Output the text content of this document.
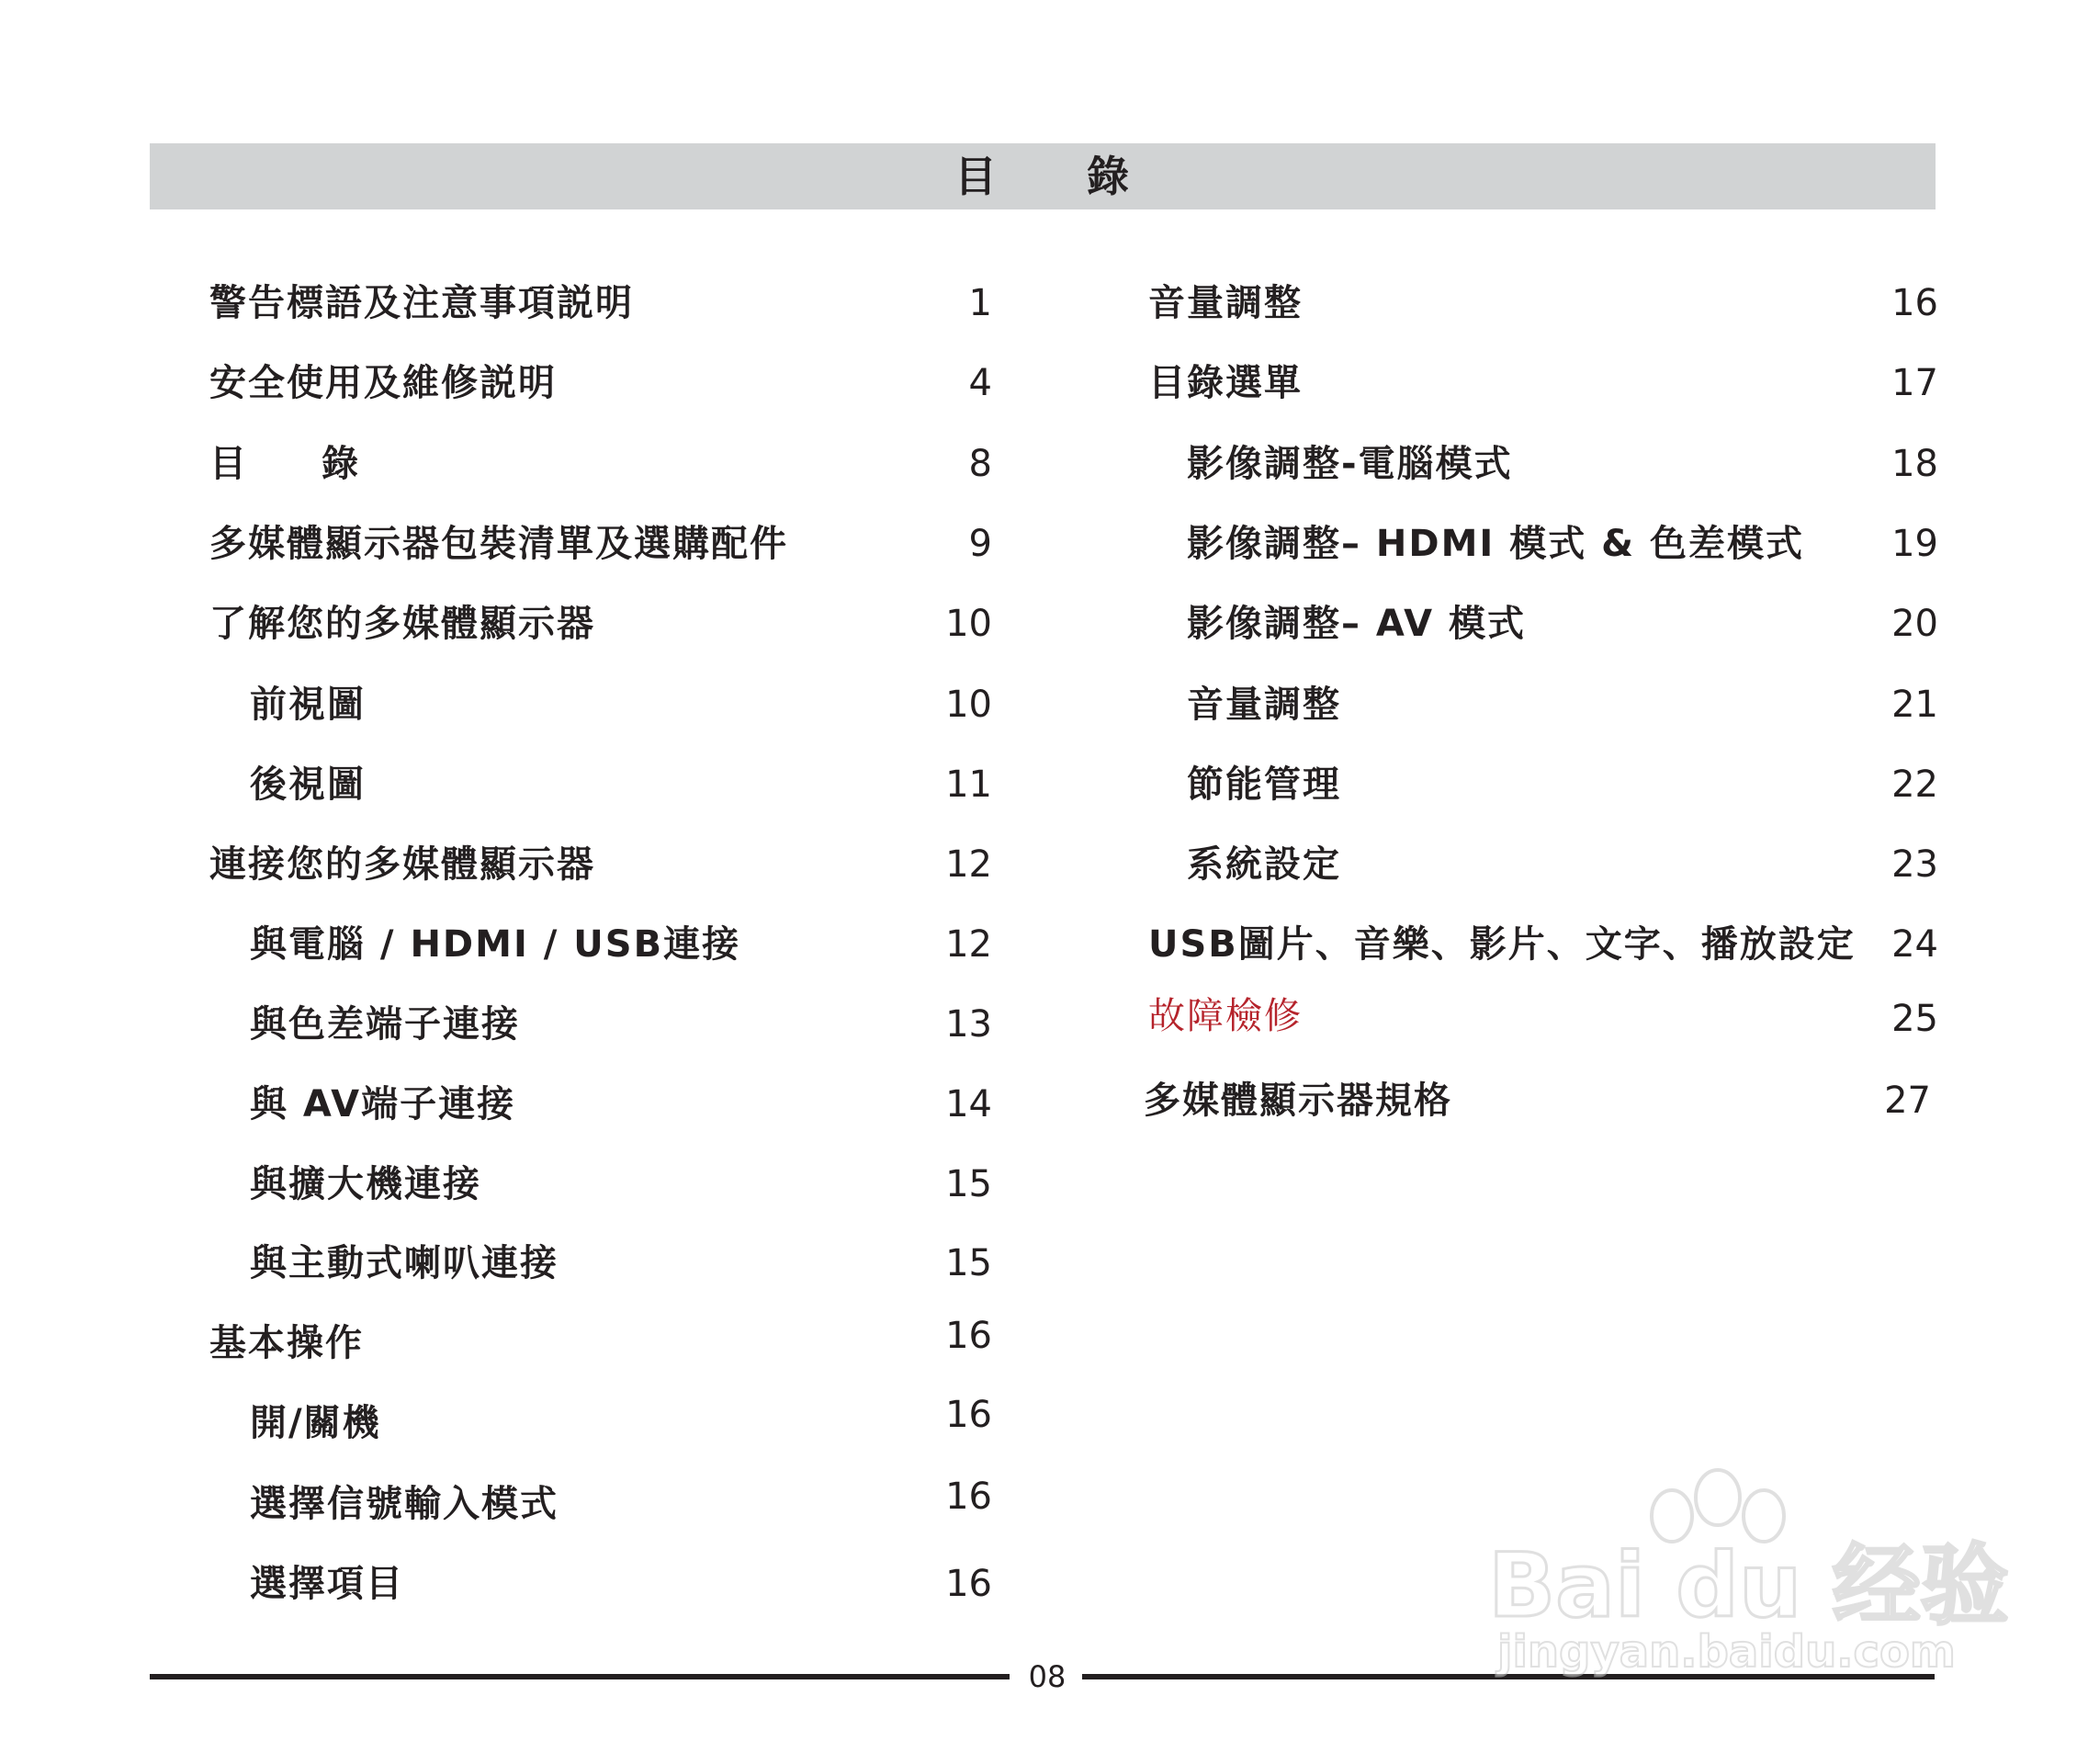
目 錄
警告標語及注意事項説明	1
安全使用及維修説明	4
目 錄	8
多媒體顯示器包裝清單及選購配件	9
了解您的多媒體顯示器	10
前視圖	10
後視圖	11
連接您的多媒體顯示器	12
與電腦 / HDMI / USB連接	12
與色差端子連接	13
與 AV端子連接	14
與擴大機連接	15
與主動式喇叭連接	15
基本操作	16
開/關機	16
選擇信號輸入模式	16
選擇項目	16
音量調整	16
目錄選單	17
影像調整-電腦模式	18
影像調整– HDMI 模式 & 色差模式	19
影像調整– AV 模式	20
音量調整	21
節能管理	22
系統設定	23
USB圖片、音樂、影片、文字、播放設定 24
故障檢修	25
多媒體顯示器規格	27
08
Bai du 经验
jingyan.baidu.com
